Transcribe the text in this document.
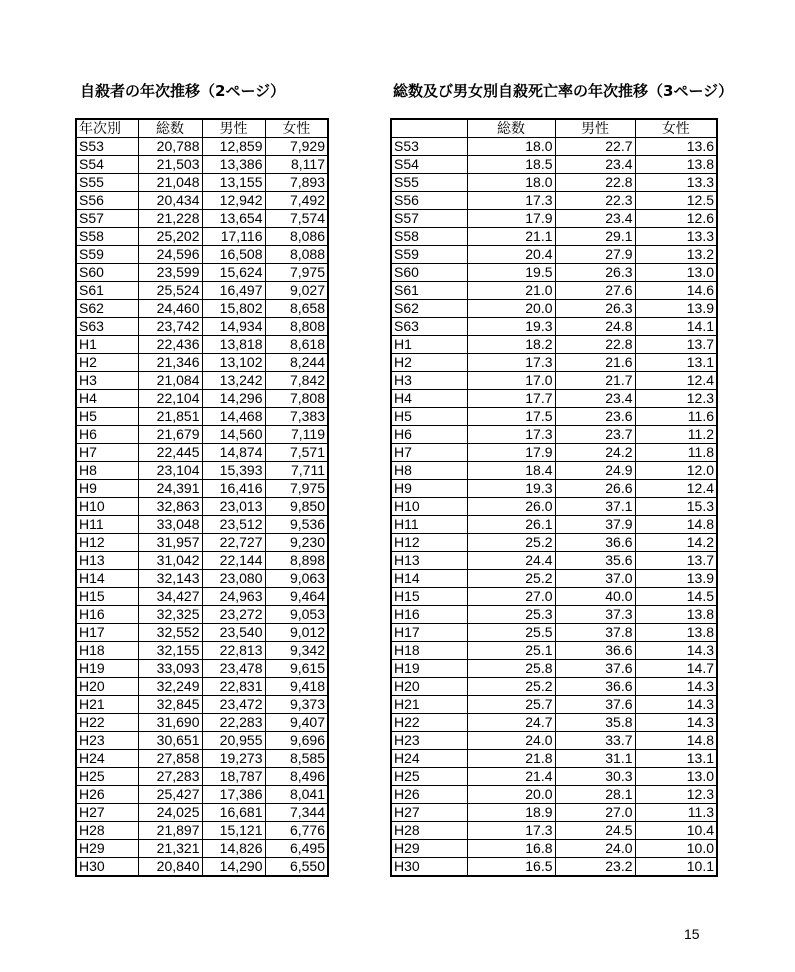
自殺者の年次推移（2ページ）	総数及び男女別自殺死亡率の年次推移（3ページ）
年次別	総数	男性	女性
S53	20,788	12,859	7,929
S54	21,503	13,386	8,117
S55	21,048	13,155	7,893
S56	20,434	12,942	7,492
S57	21,228	13,654	7,574
S58	25,202	17,116	8,086
S59	24,596	16,508	8,088
S60	23,599	15,624	7,975
S61	25,524	16,497	9,027
S62	24,460	15,802	8,658
S63	23,742	14,934	8,808
H1	22,436	13,818	8,618
H2	21,346	13,102	8,244
H3	21,084	13,242	7,842
H4	22,104	14,296	7,808
H5	21,851	14,468	7,383
H6	21,679	14,560	7,119
H7	22,445	14,874	7,571
H8	23,104	15,393	7,711
H9	24,391	16,416	7,975
H10	32,863	23,013	9,850
H11	33,048	23,512	9,536
H12	31,957	22,727	9,230
H13	31,042	22,144	8,898
H14	32,143	23,080	9,063
H15	34,427	24,963	9,464
H16	32,325	23,272	9,053
H17	32,552	23,540	9,012
H18	32,155	22,813	9,342
H19	33,093	23,478	9,615
H20	32,249	22,831	9,418
H21	32,845	23,472	9,373
H22	31,690	22,283	9,407
H23	30,651	20,955	9,696
H24	27,858	19,273	8,585
H25	27,283	18,787	8,496
H26	25,427	17,386	8,041
H27	24,025	16,681	7,344
H28	21,897	15,121	6,776
H29	21,321	14,826	6,495
H30	20,840	14,290	6,550
	総数	男性	女性
S53	18.0	22.7	13.6
S54	18.5	23.4	13.8
S55	18.0	22.8	13.3
S56	17.3	22.3	12.5
S57	17.9	23.4	12.6
S58	21.1	29.1	13.3
S59	20.4	27.9	13.2
S60	19.5	26.3	13.0
S61	21.0	27.6	14.6
S62	20.0	26.3	13.9
S63	19.3	24.8	14.1
H1	18.2	22.8	13.7
H2	17.3	21.6	13.1
H3	17.0	21.7	12.4
H4	17.7	23.4	12.3
H5	17.5	23.6	11.6
H6	17.3	23.7	11.2
H7	17.9	24.2	11.8
H8	18.4	24.9	12.0
H9	19.3	26.6	12.4
H10	26.0	37.1	15.3
H11	26.1	37.9	14.8
H12	25.2	36.6	14.2
H13	24.4	35.6	13.7
H14	25.2	37.0	13.9
H15	27.0	40.0	14.5
H16	25.3	37.3	13.8
H17	25.5	37.8	13.8
H18	25.1	36.6	14.3
H19	25.8	37.6	14.7
H20	25.2	36.6	14.3
H21	25.7	37.6	14.3
H22	24.7	35.8	14.3
H23	24.0	33.7	14.8
H24	21.8	31.1	13.1
H25	21.4	30.3	13.0
H26	20.0	28.1	12.3
H27	18.9	27.0	11.3
H28	17.3	24.5	10.4
H29	16.8	24.0	10.0
H30	16.5	23.2	10.1
15
